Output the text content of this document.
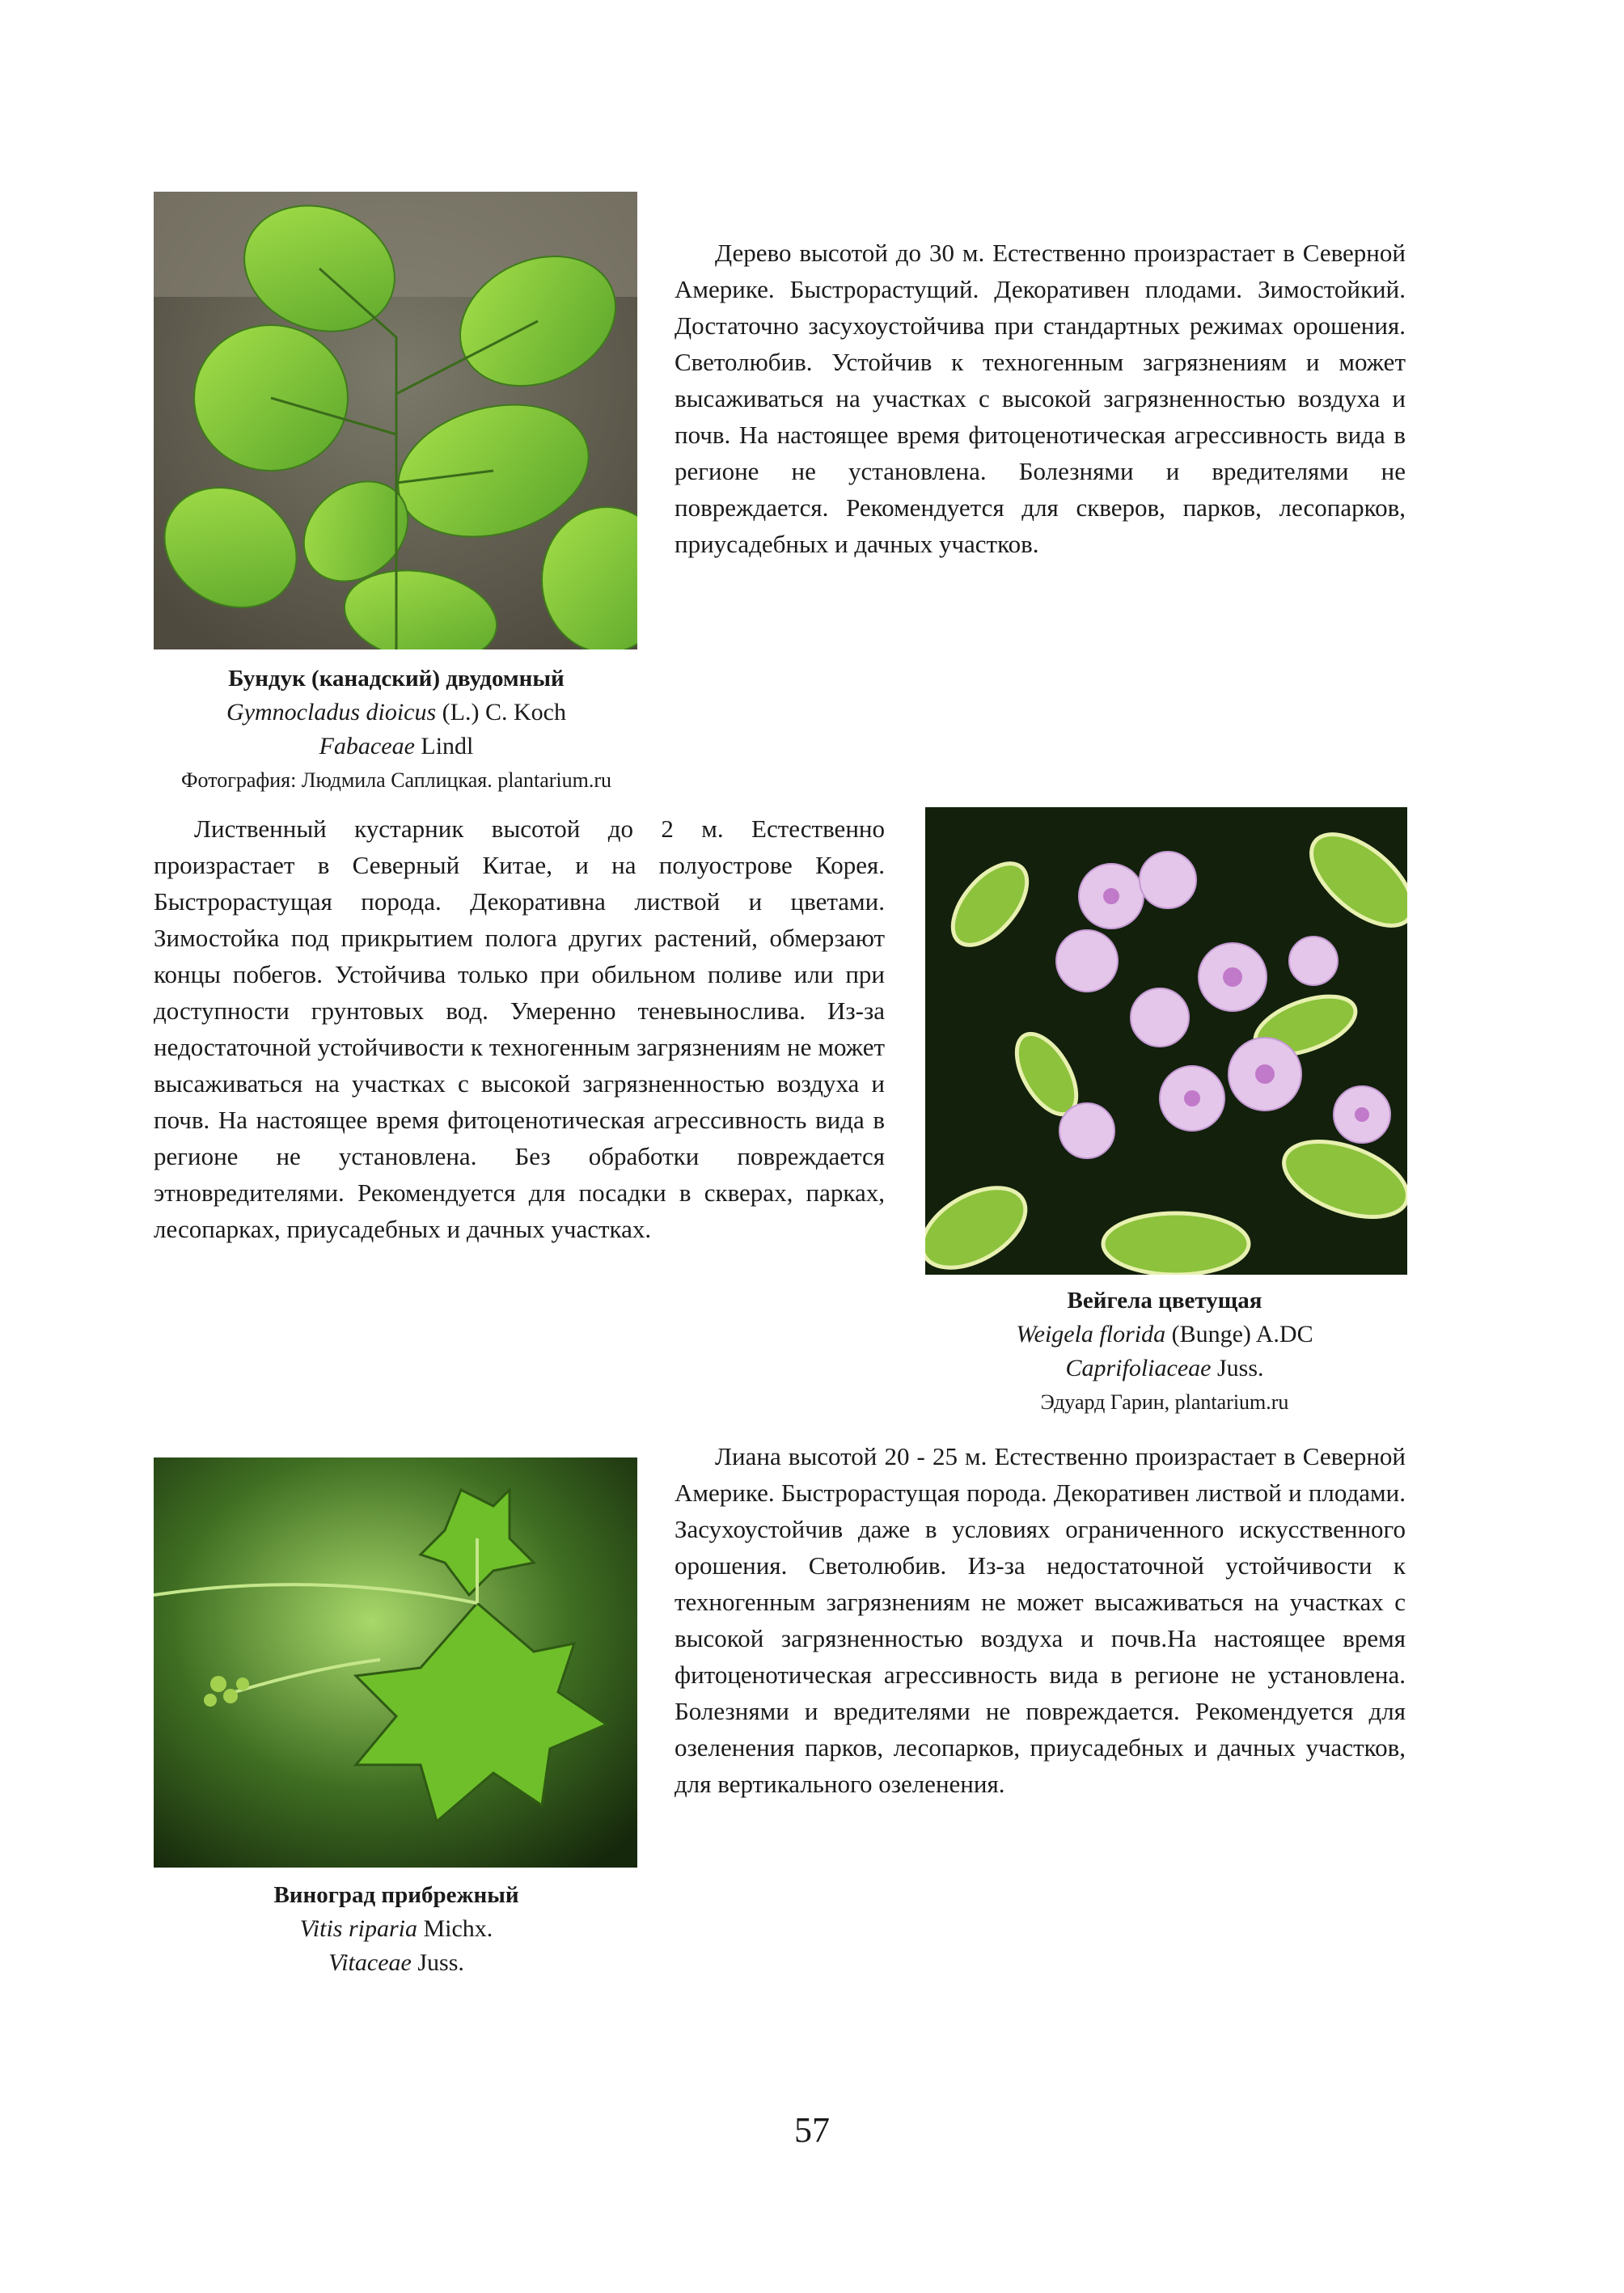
Дерево высотой до 30 м. Естественно произрастает в Северной Америке. Быстрорастущий. Декоративен плодами. Зимостойкий. Достаточно засухоустойчива при стандартных режимах орошения. Светолюбив. Устойчив к техногенным загрязнениям и может высаживаться на участках с высокой загрязненностью воздуха и почв. На настоящее время фитоценотическая агрессивность вида в регионе не установлена. Болезнями и вредителями не повреждается. Рекомендуется для скверов, парков, лесопарков, приусадебных и дачных участков.

Бундук (канадский) двудомный
Gymnocladus dioicus (L.) C. Koch
Fabaceae Lindl
Фотография: Людмила Саплицкая. plantarium.ru

Лиственный кустарник высотой до 2 м. Естественно произрастает в Северный Китае, и на полуострове Корея. Быстрорастущая порода. Декоративна листвой и цветами. Зимостойка под прикрытием полога других растений, обмерзают концы побегов. Устойчива только при обильном поливе или при доступности грунтовых вод. Умеренно теневынослива. Из-за недостаточной устойчивости к техногенным загрязнениям не может высаживаться на участках с высокой загрязненностью воздуха и почв. На настоящее время фитоценотическая агрессивность вида в регионе не установлена. Без обработки повреждается этновредителями. Рекомендуется для посадки в скверах, парках, лесопарках, приусадебных и дачных участках.

Вейгела цветущая
Weigela florida (Bunge) A.DC
Caprifoliaceae Juss.
Эдуард Гарин, plantarium.ru

Лиана высотой 20 - 25 м. Естественно произрастает в Северной Америке. Быстрорастущая порода. Декоративен листвой и плодами. Засухоустойчив даже в условиях ограниченного искусственного орошения. Светолюбив. Из-за недостаточной устойчивости к техногенным загрязнениям не может высаживаться на участках с высокой загрязненностью воздуха и почв.На настоящее время фитоценотическая агрессивность вида в регионе не установлена. Болезнями и вредителями не повреждается. Рекомендуется для озеленения парков, лесопарков, приусадебных и дачных участков, для вертикального озеленения.

Виноград прибрежный
Vitis riparia Michx.
Vitaceae Juss.
57
